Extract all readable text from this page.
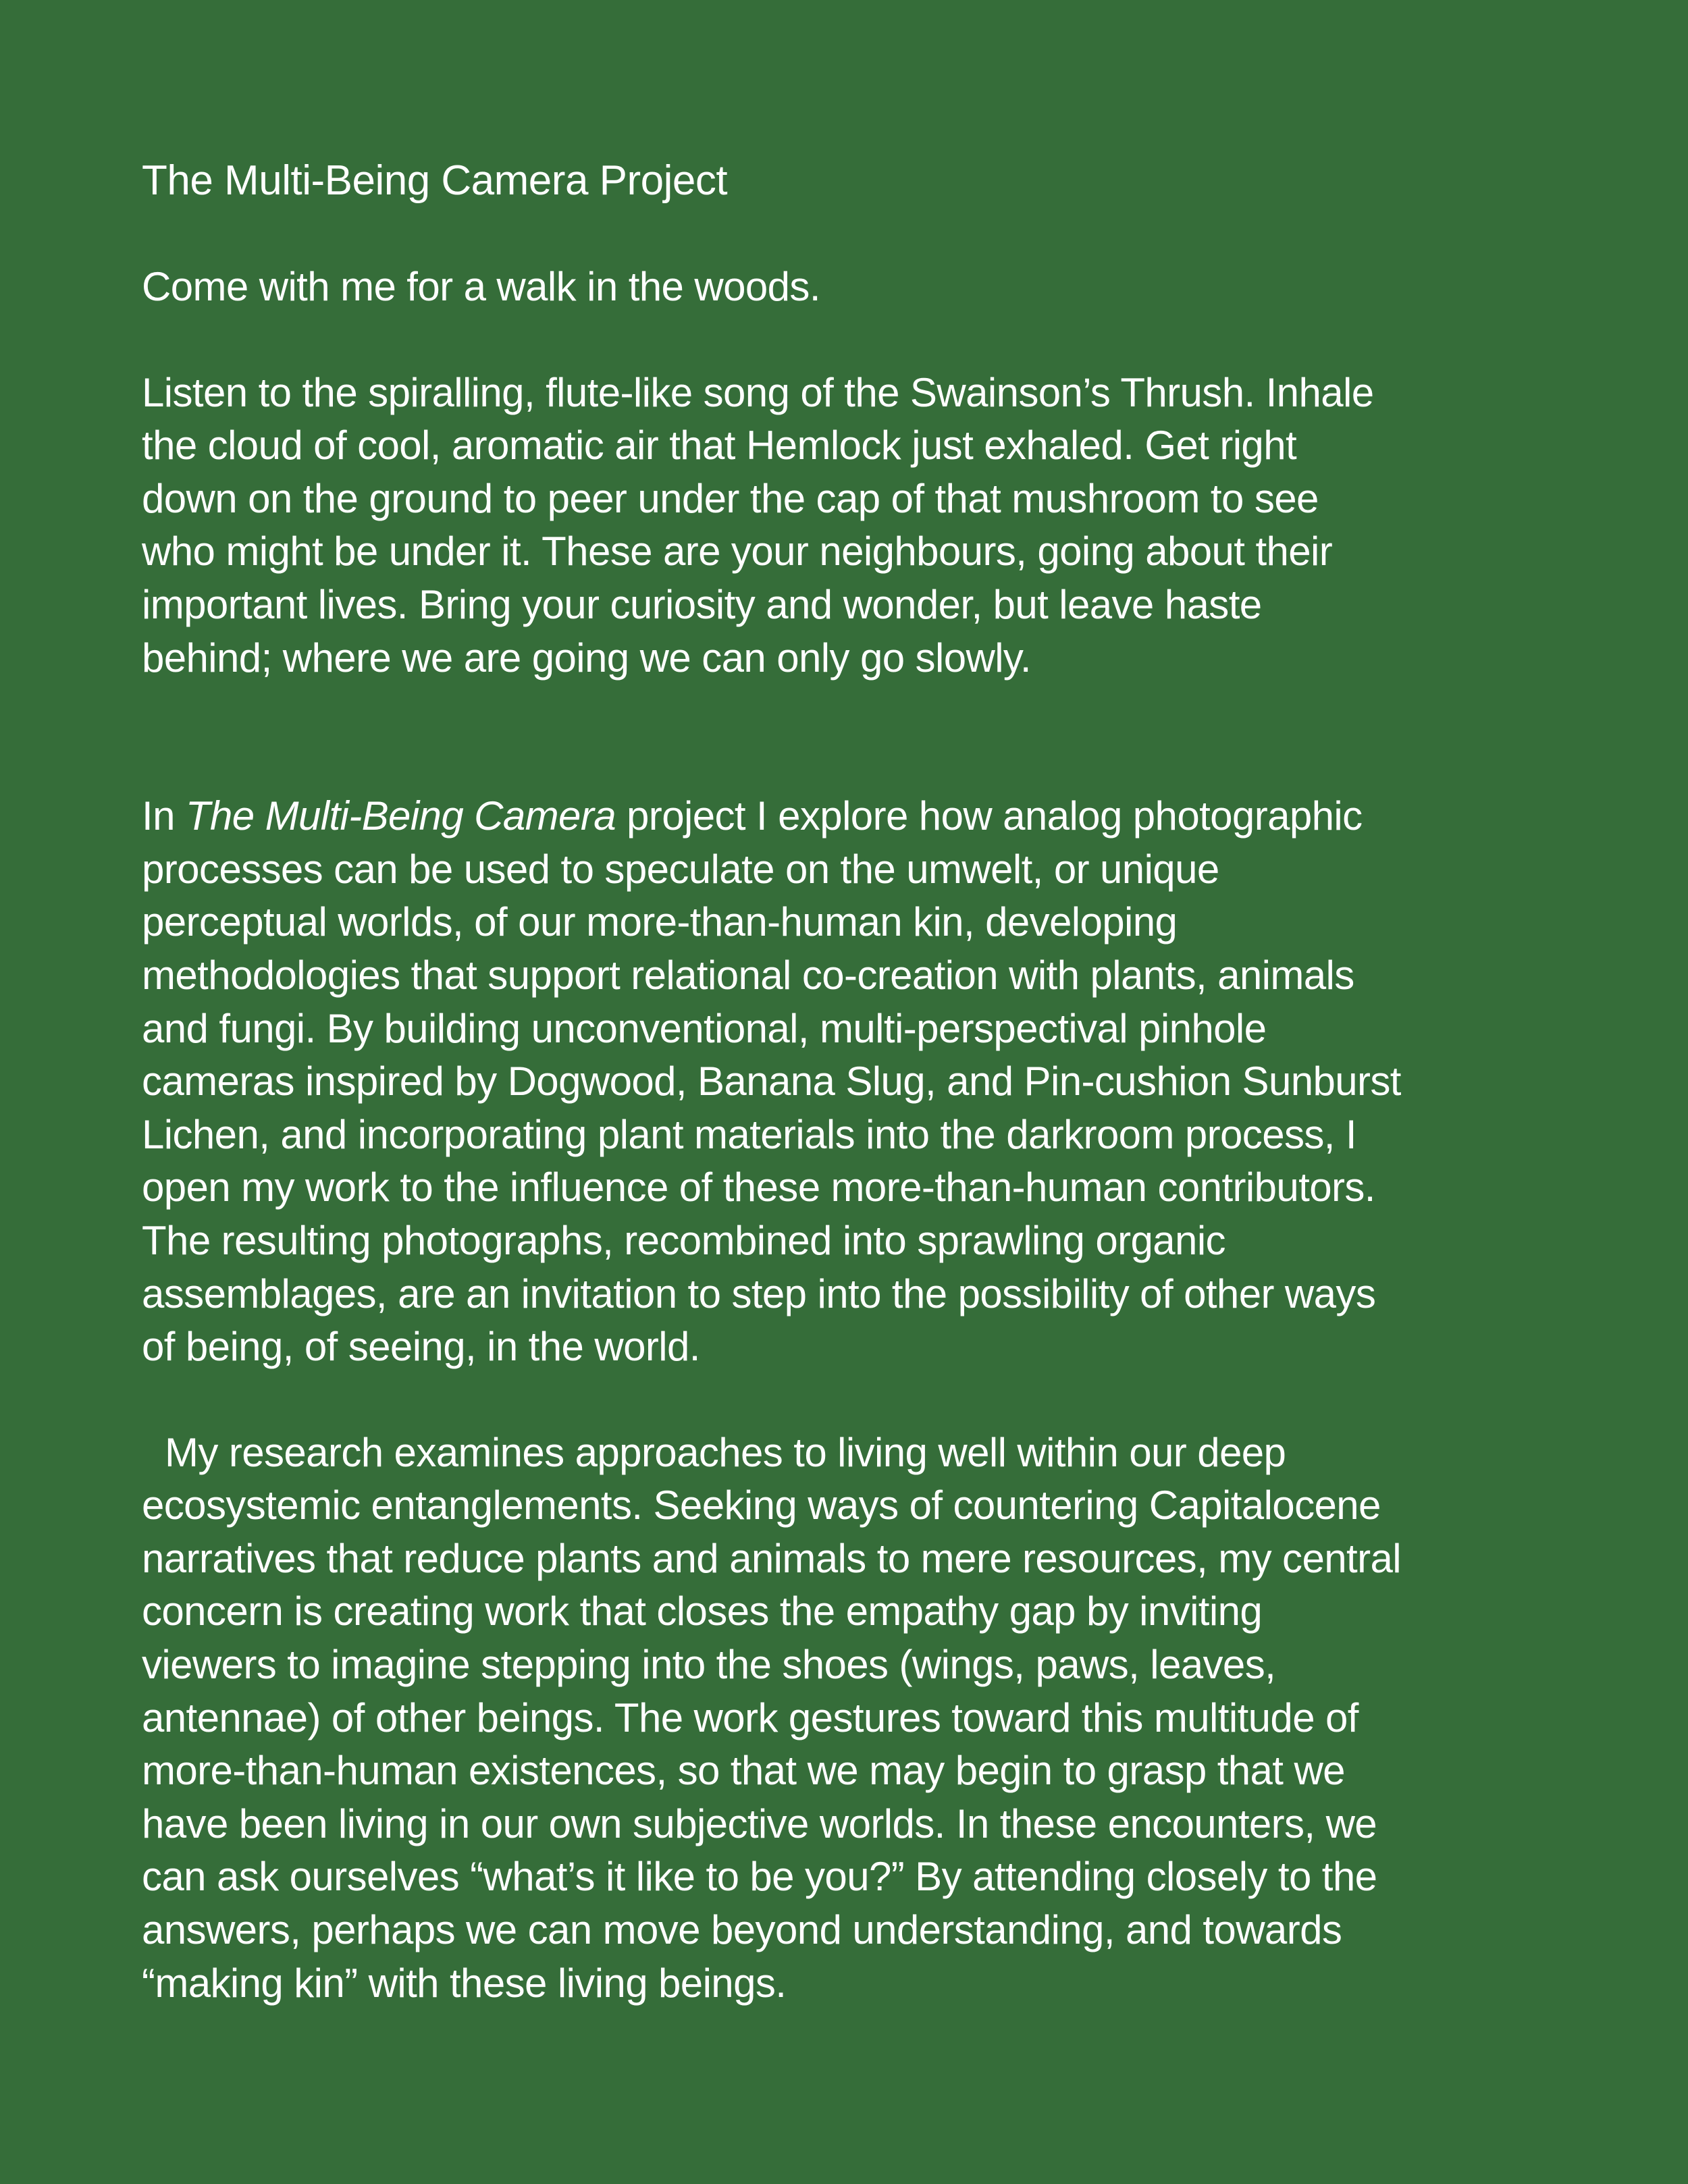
The Multi-Being Camera Project

Come with me for a walk in the woods.

Listen to the spiralling, flute-like song of the Swainson’s Thrush. Inhale
the cloud of cool, aromatic air that Hemlock just exhaled. Get right
down on the ground to peer under the cap of that mushroom to see
who might be under it. These are your neighbours, going about their
important lives. Bring your curiosity and wonder, but leave haste
behind; where we are going we can only go slowly.

In The Multi-Being Camera project I explore how analog photographic
processes can be used to speculate on the umwelt, or unique
perceptual worlds, of our more-than-human kin, developing
methodologies that support relational co-creation with plants, animals
and fungi. By building unconventional, multi-perspectival pinhole
cameras inspired by Dogwood, Banana Slug, and Pin-cushion Sunburst
Lichen, and incorporating plant materials into the darkroom process, I
open my work to the influence of these more-than-human contributors.
The resulting photographs, recombined into sprawling organic
assemblages, are an invitation to step into the possibility of other ways
of being, of seeing, in the world.

My research examines approaches to living well within our deep
ecosystemic entanglements. Seeking ways of countering Capitalocene
narratives that reduce plants and animals to mere resources, my central
concern is creating work that closes the empathy gap by inviting
viewers to imagine stepping into the shoes (wings, paws, leaves,
antennae) of other beings. The work gestures toward this multitude of
more-than-human existences, so that we may begin to grasp that we
have been living in our own subjective worlds. In these encounters, we
can ask ourselves “what’s it like to be you?” By attending closely to the
answers, perhaps we can move beyond understanding, and towards
“making kin” with these living beings.
